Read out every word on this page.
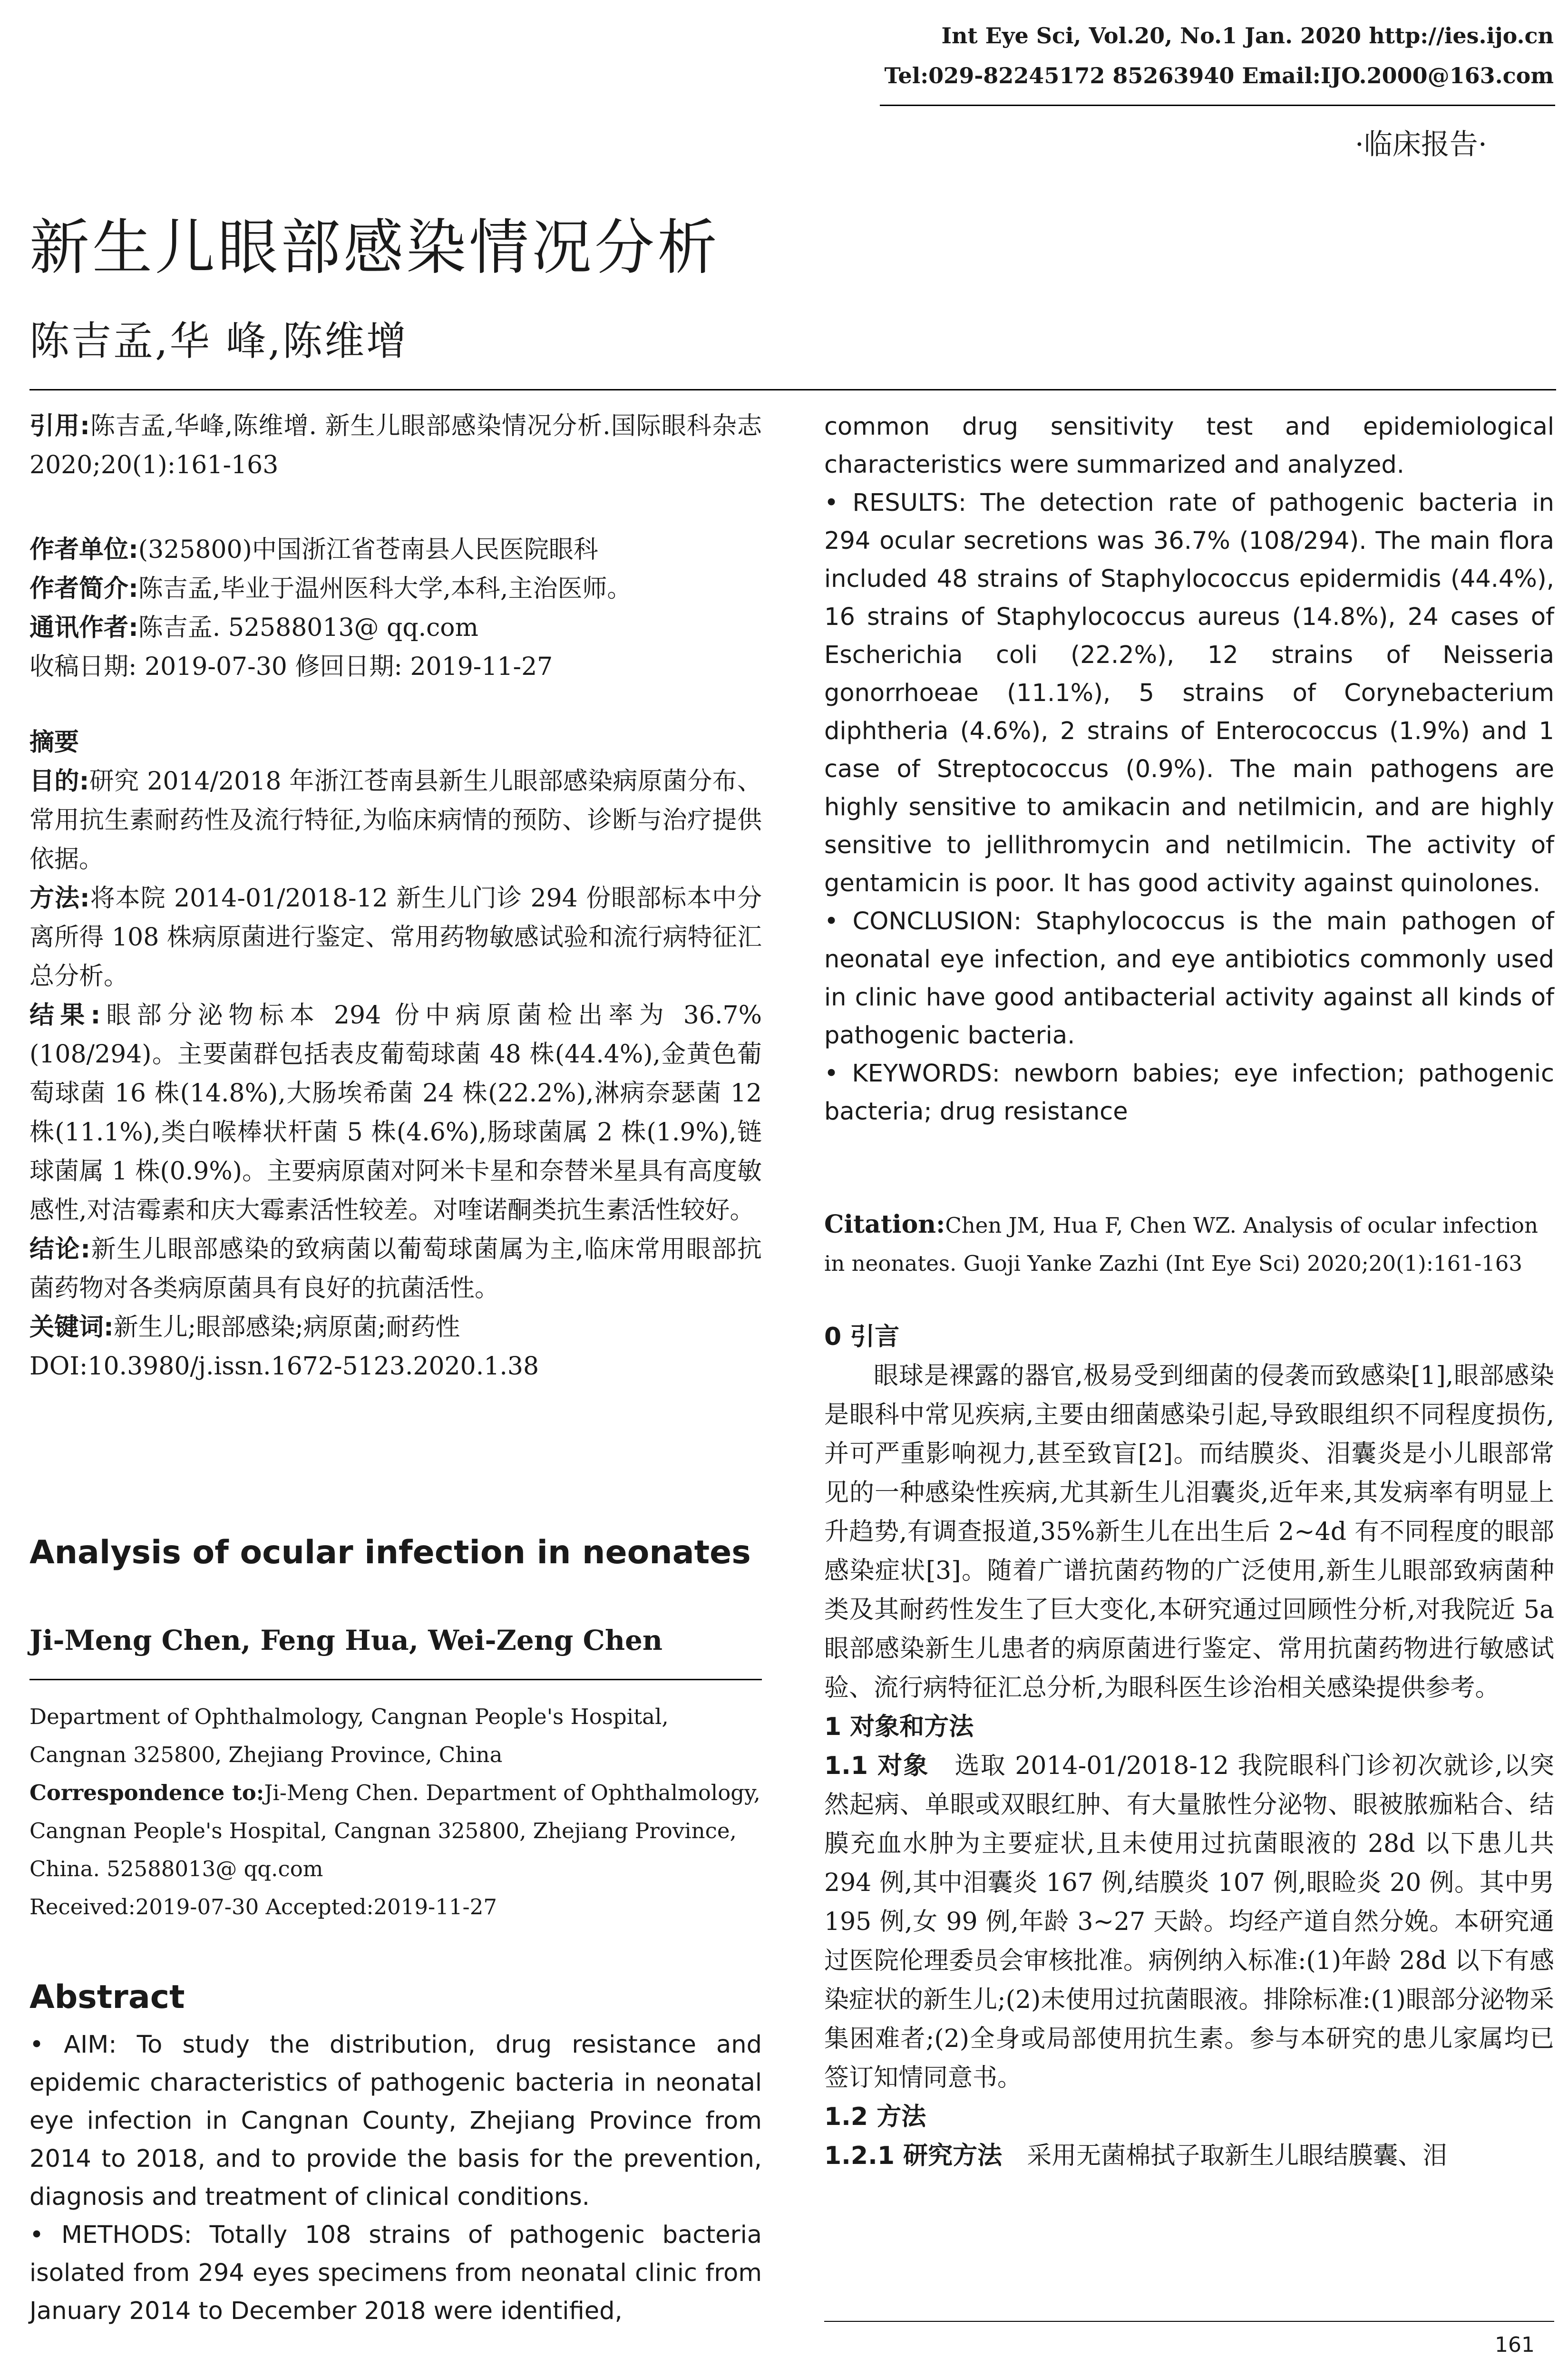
Int Eye Sci, Vol.20, No.1 Jan. 2020 http://ies.ijo.cn
Tel:029-82245172 85263940 Email:IJO.2000@163.com
·临床报告·
新生儿眼部感染情况分析
陈吉孟,华 峰,陈维增

引用:陈吉孟,华峰,陈维增. 新生儿眼部感染情况分析.国际眼科杂志 2020;20(1):161-163

作者单位:(325800)中国浙江省苍南县人民医院眼科

作者简介:陈吉孟,毕业于温州医科大学,本科,主治医师。

通讯作者:陈吉孟. 52588013@ qq.com

收稿日期: 2019-07-30 修回日期: 2019-11-27

摘要

目的:研究 2014/2018 年浙江苍南县新生儿眼部感染病原菌分布、常用抗生素耐药性及流行特征,为临床病情的预防、诊断与治疗提供依据。

方法:将本院 2014-01/2018-12 新生儿门诊 294 份眼部标本中分离所得 108 株病原菌进行鉴定、常用药物敏感试验和流行病特征汇总分析。

结果:眼部分泌物标本 294 份中病原菌检出率为 36.7%(108/294)。主要菌群包括表皮葡萄球菌 48 株(44.4%),金黄色葡萄球菌 16 株(14.8%),大肠埃希菌 24 株(22.2%),淋病奈瑟菌 12 株(11.1%),类白喉棒状杆菌 5 株(4.6%),肠球菌属 2 株(1.9%),链球菌属 1 株(0.9%)。主要病原菌对阿米卡星和奈替米星具有高度敏感性,对洁霉素和庆大霉素活性较差。对喹诺酮类抗生素活性较好。

结论:新生儿眼部感染的致病菌以葡萄球菌属为主,临床常用眼部抗菌药物对各类病原菌具有良好的抗菌活性。

关键词:新生儿;眼部感染;病原菌;耐药性

DOI:10.3980/j.issn.1672-5123.2020.1.38

Analysis of ocular infection in neonates
Ji-Meng Chen, Feng Hua, Wei-Zeng Chen

Department of Ophthalmology, Cangnan People's Hospital, Cangnan 325800, Zhejiang Province, China

Correspondence to:Ji-Meng Chen. Department of Ophthalmology, Cangnan People's Hospital, Cangnan 325800, Zhejiang Province, China. 52588013@ qq.com

Received:2019-07-30 Accepted:2019-11-27

Abstract

• AIM: To study the distribution, drug resistance and epidemic characteristics of pathogenic bacteria in neonatal eye infection in Cangnan County, Zhejiang Province from 2014 to 2018, and to provide the basis for the prevention, diagnosis and treatment of clinical conditions.

• METHODS: Totally 108 strains of pathogenic bacteria isolated from 294 eyes specimens from neonatal clinic from January 2014 to December 2018 were identified,

common drug sensitivity test and epidemiological characteristics were summarized and analyzed.

• RESULTS: The detection rate of pathogenic bacteria in 294 ocular secretions was 36.7% (108/294). The main flora included 48 strains of Staphylococcus epidermidis (44.4%), 16 strains of Staphylococcus aureus (14.8%), 24 cases of Escherichia coli (22.2%), 12 strains of Neisseria gonorrhoeae (11.1%), 5 strains of Corynebacterium diphtheria (4.6%), 2 strains of Enterococcus (1.9%) and 1 case of Streptococcus (0.9%). The main pathogens are highly sensitive to amikacin and netilmicin, and are highly sensitive to jellithromycin and netilmicin. The activity of gentamicin is poor. It has good activity against quinolones.

• CONCLUSION: Staphylococcus is the main pathogen of neonatal eye infection, and eye antibiotics commonly used in clinic have good antibacterial activity against all kinds of pathogenic bacteria.

• KEYWORDS: newborn babies; eye infection; pathogenic bacteria; drug resistance

Citation:Chen JM, Hua F, Chen WZ. Analysis of ocular infection in neonates. Guoji Yanke Zazhi (Int Eye Sci) 2020;20(1):161-163

0 引言

眼球是裸露的器官,极易受到细菌的侵袭而致感染[1],眼部感染是眼科中常见疾病,主要由细菌感染引起,导致眼组织不同程度损伤,并可严重影响视力,甚至致盲[2]。而结膜炎、泪囊炎是小儿眼部常见的一种感染性疾病,尤其新生儿泪囊炎,近年来,其发病率有明显上升趋势,有调查报道,35%新生儿在出生后 2~4d 有不同程度的眼部感染症状[3]。随着广谱抗菌药物的广泛使用,新生儿眼部致病菌种类及其耐药性发生了巨大变化,本研究通过回顾性分析,对我院近 5a 眼部感染新生儿患者的病原菌进行鉴定、常用抗菌药物进行敏感试验、流行病特征汇总分析,为眼科医生诊治相关感染提供参考。

1 对象和方法

1.1 对象　 选取 2014-01/2018-12 我院眼科门诊初次就诊,以突然起病、单眼或双眼红肿、有大量脓性分泌物、眼被脓痂粘合、结膜充血水肿为主要症状,且未使用过抗菌眼液的 28d 以下患儿共 294 例,其中泪囊炎 167 例,结膜炎 107 例,眼睑炎 20 例。其中男 195 例,女 99 例,年龄 3~27 天龄。均经产道自然分娩。本研究通过医院伦理委员会审核批准。病例纳入标准:(1)年龄 28d 以下有感染症状的新生儿;(2)未使用过抗菌眼液。排除标准:(1)眼部分泌物采集困难者;(2)全身或局部使用抗生素。参与本研究的患儿家属均已签订知情同意书。

1.2 方法

1.2.1 研究方法　 采用无菌棉拭子取新生儿眼结膜囊、泪

161
